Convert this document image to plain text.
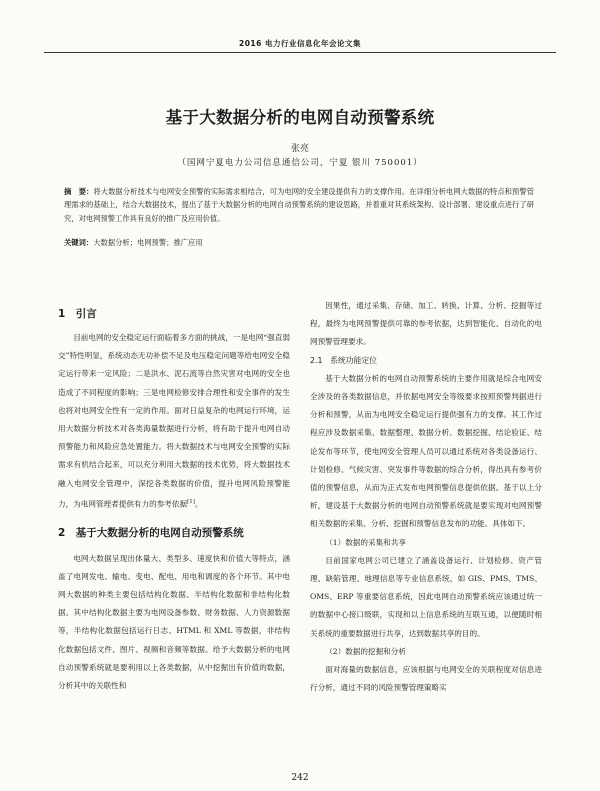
2016 电力行业信息化年会论文集
基于大数据分析的电网自动预警系统
张亮
（国网宁夏电力公司信息通信公司，宁夏 银川 750001）
摘　要：将大数据分析技术与电网安全预警的实际需求相结合，可为电网的安全建设提供有力的支撑作用。在详细分析电网大数据的特点和预警管理需求的基础上，结合大数据技术，提出了基于大数据分析的电网自动预警系统的建设思路，并着重对其系统架构、设计部署、建设重点进行了研究，对电网预警工作具有良好的推广及应用价值。
关键词：大数据分析；电网预警；推广应用

1　引言

目前电网的安全稳定运行面临着多方面的挑战，一是电网“强直弱交”特性明显，系统动态无功补偿不足及电压稳定问题等给电网安全稳定运行带来一定风险；二是洪水、泥石流等自然灾害对电网的安全也造成了不同程度的影响；三是电网检修安排合理性和安全事件的发生也将对电网安全性有一定的作用。面对日益复杂的电网运行环境，运用大数据分析技术对各类海量数据进行分析，将有助于提升电网自动预警能力和风险应急处置能力。将大数据技术与电网安全预警的实际需求有机结合起来，可以充分利用大数据的技术优势，将大数据技术融入电网安全管理中，深挖各类数据的价值，提升电网风险预警能力，为电网管理者提供有力的参考依据[1]。

2　基于大数据分析的电网自动预警系统

电网大数据呈现出体量大、类型多、速度快和价值大等特点，涵盖了电网发电、输电、变电、配电、用电和调度的各个环节。其中电网大数据的种类主要包括结构化数据、半结构化数据和非结构化数据。其中结构化数据主要为电网设备参数、财务数据、人力资源数据等，半结构化数据包括运行日志、HTML 和 XML 等数据，非结构化数据包括文件、图片、视频和音频等数据。给予大数据分析的电网自动预警系统就是要利用以上各类数据，从中挖掘出有价值的数据，分析其中的关联性和

因果性，通过采集、存储、加工、转换、计算、分析、挖掘等过程，最终为电网预警提供可靠的参考依据，达到智能化、自动化的电网预警管理要求。

2.1　系统功能定位

基于大数据分析的电网自动预警系统的主要作用就是综合电网安全涉及的各类数据信息，并依据电网安全等级要求按照预警判据进行分析和预警，从而为电网安全稳定运行提供强有力的支撑。其工作过程应涉及数据采集、数据整理、数据分析、数据挖掘、结论验证、结论发布等环节，使电网安全管理人员可以通过系统对各类设备运行、计划检修、气候灾害、突发事件等数据的综合分析，得出具有参考价值的预警信息，从而为正式发布电网预警信息提供依据。基于以上分析，建设基于大数据分析的电网自动预警系统就是要实现对电网预警相关数据的采集、分析、挖掘和预警信息发布的功能。具体如下。

（1）数据的采集和共享

目前国家电网公司已建立了涵盖设备运行、计划检修、资产管理、缺陷管理、地理信息等专业信息系统，如 GIS、PMS、TMS、OMS、ERP 等重要信息系统，因此电网自动预警系统应该通过统一的数据中心接口级联，实现和以上信息系统的互联互通，以便随时相关系统的重要数据进行共享，达到数据共享的目的。

（2）数据的挖掘和分析

面对海量的数据信息，应该根据与电网安全的关联程度对信息进行分析，通过不同的风险预警管理策略实

242
